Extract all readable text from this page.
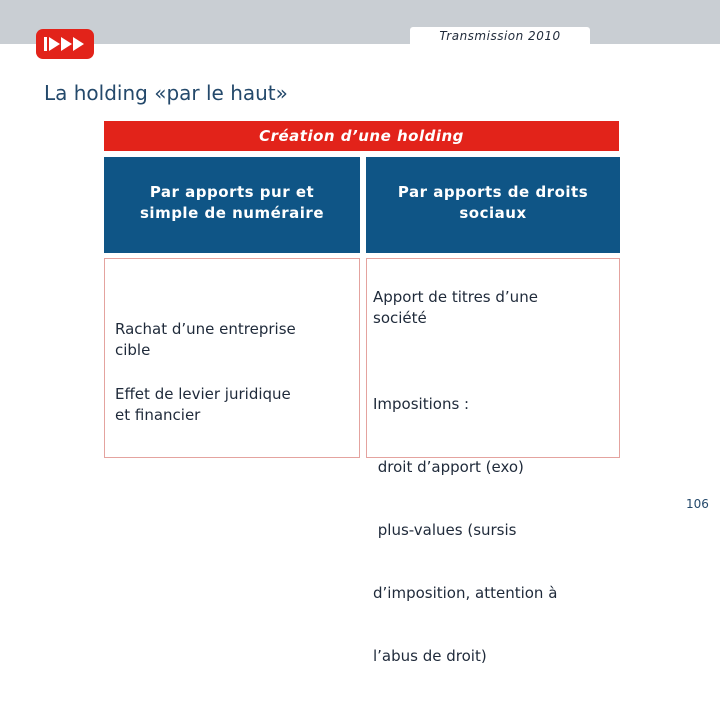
Transmission 2010
La holding «par le haut»
Création d’une holding
Par apports pur et
simple de numéraire
Par apports de droits
sociaux
Rachat d’une entreprise
cible
Effet de levier juridique
et financier
Apport de titres d’une
société

Impositions :

droit d’apport (exo)

plus-values (sursis

d’imposition, attention à

l’abus de droit)

106
